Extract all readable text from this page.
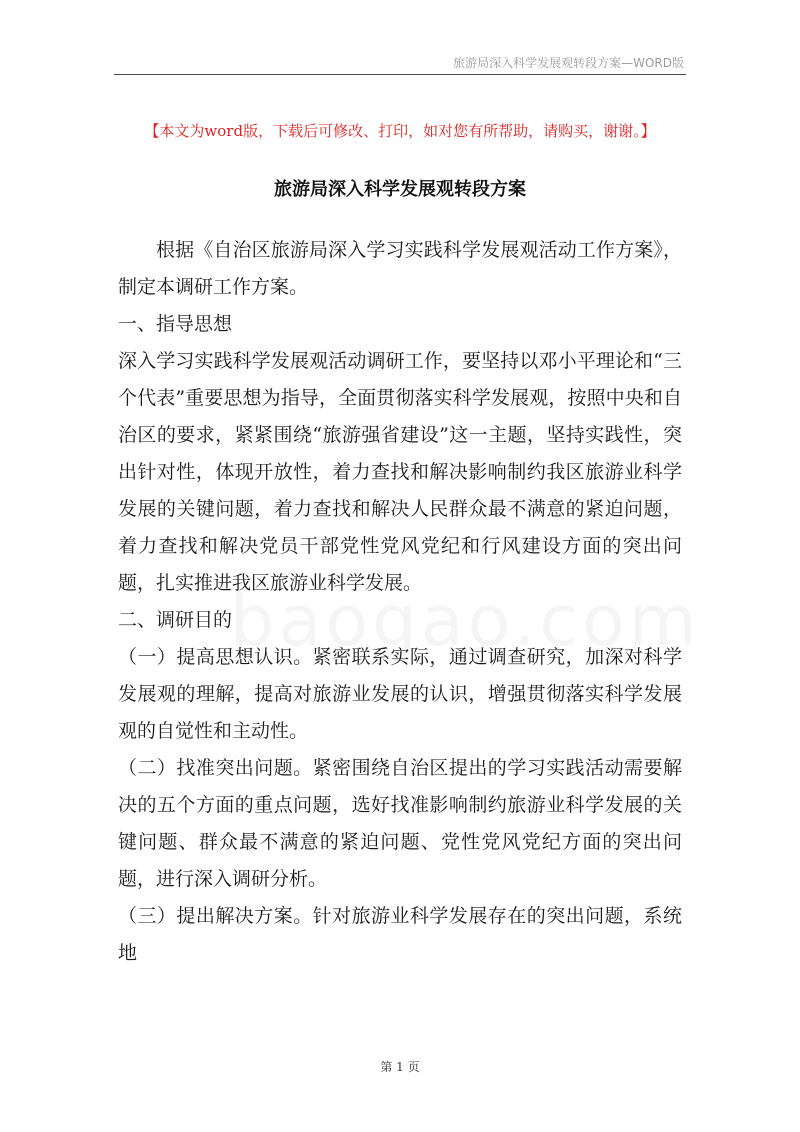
旅游局深入科学发展观转段方案—WORD版
【本文为word版，下载后可修改、打印，如对您有所帮助，请购买，谢谢。】
旅游局深入科学发展观转段方案

根据《自治区旅游局深入学习实践科学发展观活动工作方案》，制定本调研工作方案。

一、指导思想

深入学习实践科学发展观活动调研工作，要坚持以邓小平理论和“三个代表”重要思想为指导，全面贯彻落实科学发展观，按照中央和自治区的要求，紧紧围绕“旅游强省建设”这一主题，坚持实践性，突出针对性，体现开放性，着力查找和解决影响制约我区旅游业科学发展的关键问题，着力查找和解决人民群众最不满意的紧迫问题，着力查找和解决党员干部党性党风党纪和行风建设方面的突出问题，扎实推进我区旅游业科学发展。

二、调研目的

（一）提高思想认识。紧密联系实际，通过调查研究，加深对科学发展观的理解，提高对旅游业发展的认识，增强贯彻落实科学发展观的自觉性和主动性。

（二）找准突出问题。紧密围绕自治区提出的学习实践活动需要解决的五个方面的重点问题，选好找准影响制约旅游业科学发展的关键问题、群众最不满意的紧迫问题、党性党风党纪方面的突出问题，进行深入调研分析。

（三）提出解决方案。针对旅游业科学发展存在的突出问题，系统地

第 1 页
